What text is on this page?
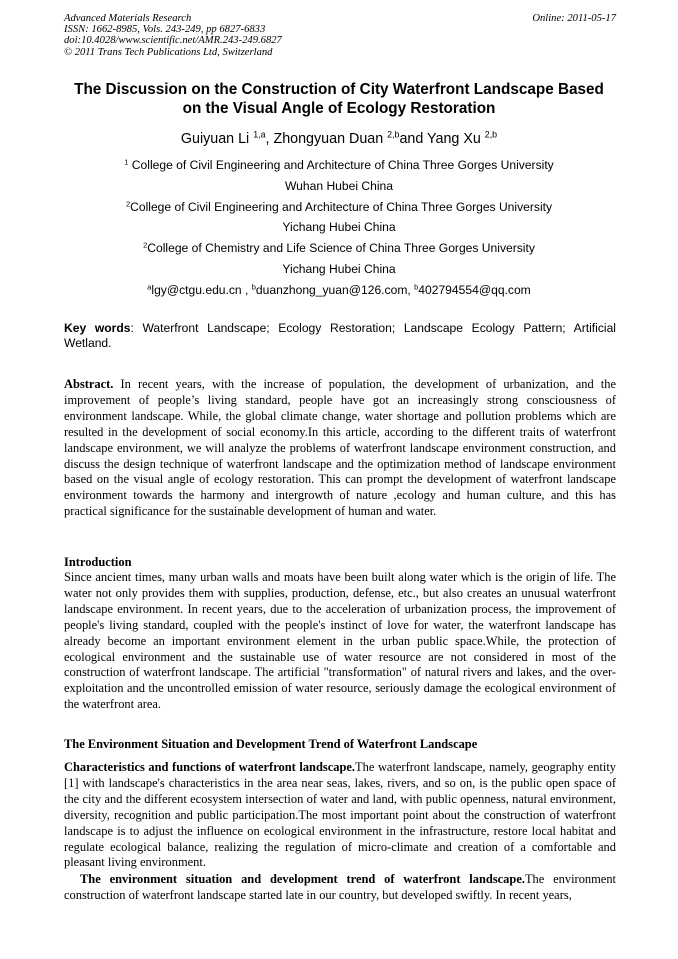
Advanced Materials Research
ISSN: 1662-8985, Vols. 243-249, pp 6827-6833
doi:10.4028/www.scientific.net/AMR.243-249.6827
© 2011 Trans Tech Publications Ltd, Switzerland
Online: 2011-05-17
The Discussion on the Construction of City Waterfront Landscape Based
on the Visual Angle of Ecology Restoration
Guiyuan Li $^{1,a}$, Zhongyuan Duan $^{2,b}$and Yang Xu $^{2,b}$
$^1$ College of Civil Engineering and Architecture of China Three Gorges University
Wuhan Hubei China
$^2$College of Civil Engineering and Architecture of China Three Gorges University
Yichang Hubei China
$^2$College of Chemistry and Life Science of China Three Gorges University
Yichang Hubei China
$^a$lgy@ctgu.edu.cn , $^b$duanzhong_yuan@126.com, $^b$402794554@qq.com
Key words: Waterfront Landscape; Ecology Restoration; Landscape Ecology Pattern; Artificial Wetland.
Abstract. In recent years, with the increase of population, the development of urbanization, and the improvement of people’s living standard, people have got an increasingly strong consciousness of environment landscape. While, the global climate change, water shortage and pollution problems which are resulted in the development of social economy.In this article, according to the different traits of waterfront landscape environment, we will analyze the problems of waterfront landscape environment construction, and discuss the design technique of waterfront landscape and the optimization method of landscape environment based on the visual angle of ecology restoration. This can prompt the development of waterfront landscape environment towards the harmony and intergrowth of nature ,ecology and human culture, and this has practical significance for the sustainable development of human and water.
Introduction
Since ancient times, many urban walls and moats have been built along water which is the origin of life. The water not only provides them with supplies, production, defense, etc., but also creates an unusual waterfront landscape environment. In recent years, due to the acceleration of urbanization process, the improvement of people's living standard, coupled with the people's instinct of love for water, the waterfront landscape has already become an important environment element in the urban public space.While, the protection of ecological environment and the sustainable use of water resource are not considered in most of the construction of waterfront landscape. The artificial "transformation" of natural rivers and lakes, and the over-exploitation and the uncontrolled emission of water resource, seriously damage the ecological environment of the waterfront area.
The Environment Situation and Development Trend of Waterfront Landscape
Characteristics and functions of waterfront landscape.The waterfront landscape, namely, geography entity [1] with landscape's characteristics in the area near seas, lakes, rivers, and so on, is the public open space of the city and the different ecosystem intersection of water and land, with public openness, natural environment, diversity, recognition and public participation.The most important point about the construction of waterfront landscape is to adjust the influence on ecological environment in the infrastructure, restore local habitat and regulate ecological balance, realizing the regulation of micro-climate and creation of a comfortable and pleasant living environment.
The environment situation and development trend of waterfront landscape.The environment construction of waterfront landscape started late in our country, but developed swiftly. In recent years,
